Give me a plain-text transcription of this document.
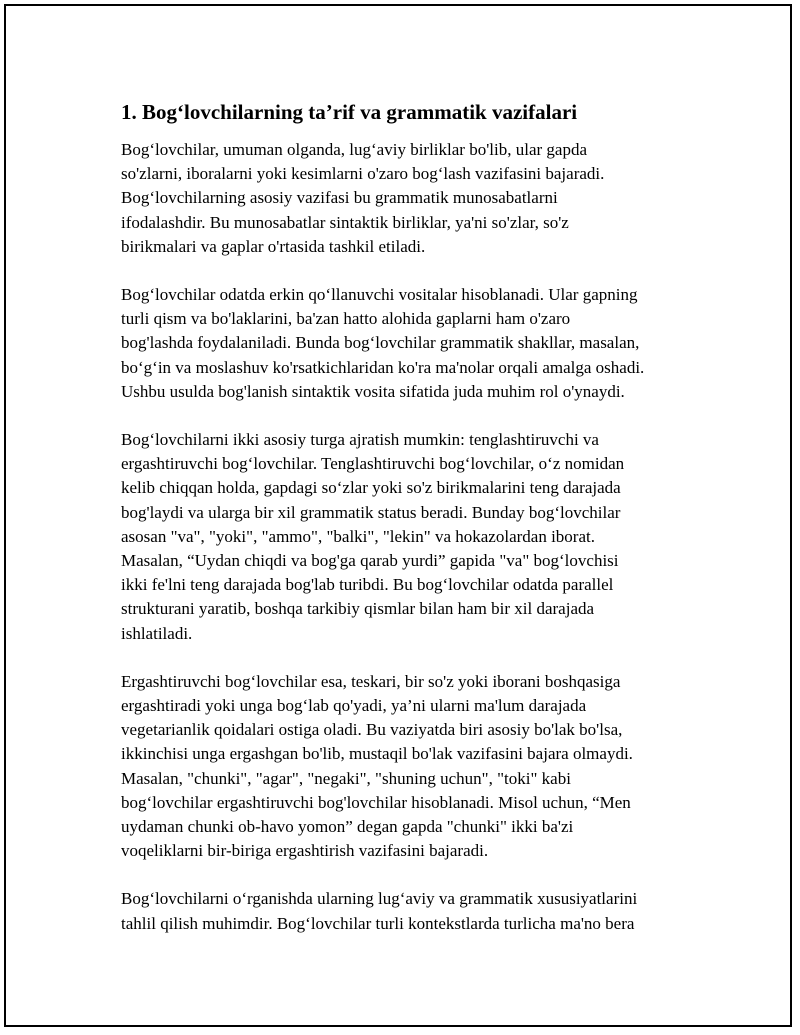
1. Bog‘lovchilarning ta’rif va grammatik vazifalari
Bog‘lovchilar, umuman olganda, lug‘aviy birliklar bo'lib, ular gapda
so'zlarni, iboralarni yoki kesimlarni o'zaro bog‘lash vazifasini bajaradi.
Bog‘lovchilarning asosiy vazifasi bu grammatik munosabatlarni
ifodalashdir. Bu munosabatlar sintaktik birliklar, ya'ni so'zlar, so'z
birikmalari va gaplar o'rtasida tashkil etiladi.
Bog‘lovchilar odatda erkin qo‘llanuvchi vositalar hisoblanadi. Ular gapning
turli qism va bo'laklarini, ba'zan hatto alohida gaplarni ham o'zaro
bog'lashda foydalaniladi. Bunda bog‘lovchilar grammatik shakllar, masalan,
bo‘g‘in va moslashuv ko'rsatkichlaridan ko'ra ma'nolar orqali amalga oshadi.
Ushbu usulda bog'lanish sintaktik vosita sifatida juda muhim rol o'ynaydi.
Bog‘lovchilarni ikki asosiy turga ajratish mumkin: tenglashtiruvchi va
ergashtiruvchi bog‘lovchilar. Tenglashtiruvchi bog‘lovchilar, o‘z nomidan
kelib chiqqan holda, gapdagi so‘zlar yoki so'z birikmalarini teng darajada
bog'laydi va ularga bir xil grammatik status beradi. Bunday bog‘lovchilar
asosan "va", "yoki", "ammo", "balki", "lekin" va hokazolardan iborat.
Masalan, “Uydan chiqdi va bog'ga qarab yurdi” gapida "va" bog‘lovchisi
ikki fe'lni teng darajada bog'lab turibdi. Bu bog‘lovchilar odatda parallel
strukturani yaratib, boshqa tarkibiy qismlar bilan ham bir xil darajada
ishlatiladi.
Ergashtiruvchi bog‘lovchilar esa, teskari, bir so'z yoki iborani boshqasiga
ergashtiradi yoki unga bog‘lab qo'yadi, ya’ni ularni ma'lum darajada
vegetarianlik qoidalari ostiga oladi. Bu vaziyatda biri asosiy bo'lak bo'lsa,
ikkinchisi unga ergashgan bo'lib, mustaqil bo'lak vazifasini bajara olmaydi.
Masalan, "chunki", "agar", "negaki", "shuning uchun", "toki" kabi
bog‘lovchilar ergashtiruvchi bog'lovchilar hisoblanadi. Misol uchun, “Men
uydaman chunki ob-havo yomon” degan gapda "chunki" ikki ba'zi
voqeliklarni bir-biriga ergashtirish vazifasini bajaradi.
Bog‘lovchilarni o‘rganishda ularning lug‘aviy va grammatik xususiyatlarini
tahlil qilish muhimdir. Bog‘lovchilar turli kontekstlarda turlicha ma'no bera
